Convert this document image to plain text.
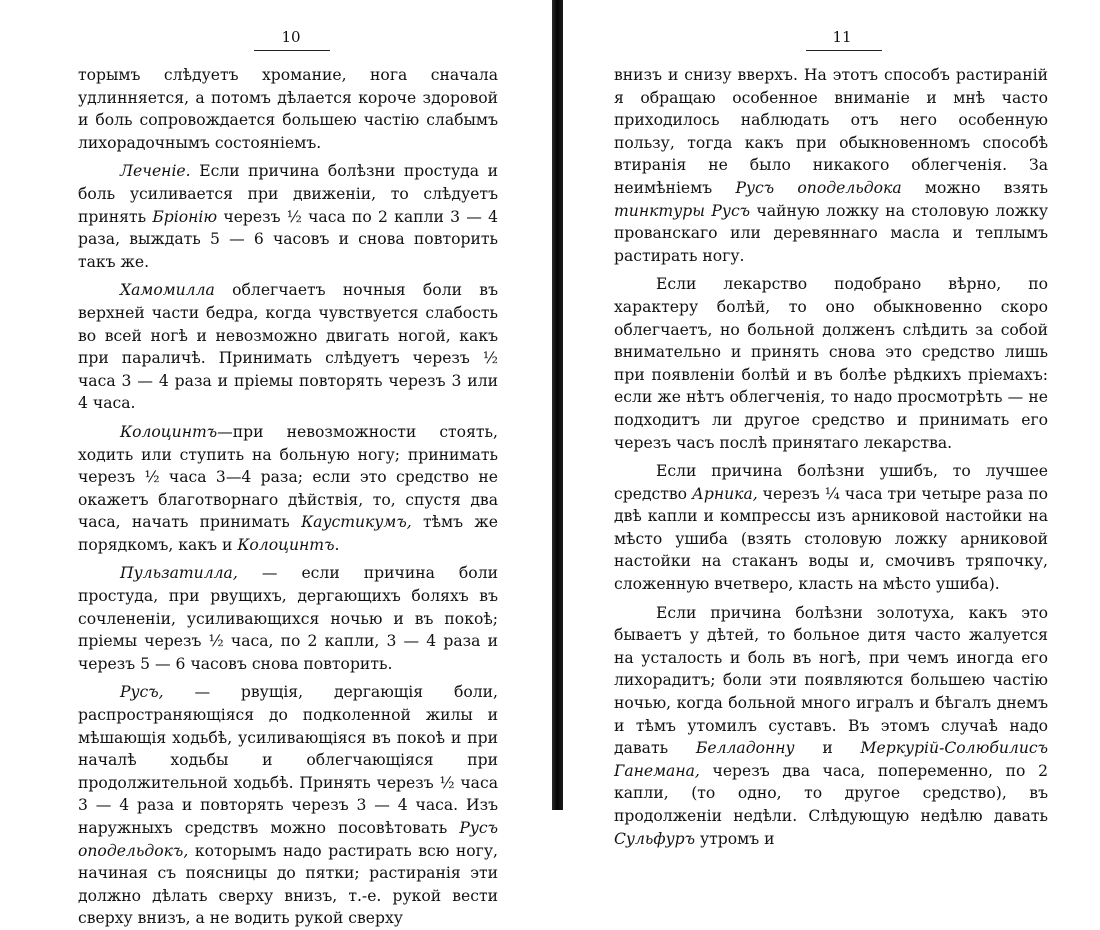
10

торымъ слѣдуетъ хромание, нога сначала удлинняется, а потомъ дѣлается короче здоровой и боль сопровождается большею частію слабымъ лихорадочнымъ состояніемъ.

Леченіе. Если причина болѣзни простуда и боль усиливается при движеніи, то слѣдуетъ принять Бріонію черезъ ½ часа по 2 капли 3 — 4 раза, выждать 5 — 6 часовъ и снова повторить такъ же.

Хамомилла облегчаетъ ночныя боли въ верхней части бедра, когда чувствуется слабость во всей ногѣ и невозможно двигать ногой, какъ при параличѣ. Принимать слѣдуетъ черезъ ½ часа 3 — 4 раза и пріемы повторять черезъ 3 или 4 часа.

Колоцинтъ—при невозможности стоять, ходить или ступить на больную ногу; принимать черезъ ½ часа 3—4 раза; если это средство не окажетъ благотворнаго дѣйствія, то, спустя два часа, начать принимать Каустикумъ, тѣмъ же порядкомъ, какъ и Колоцинтъ.

Пульзатилла, — если причина боли простуда, при рвущихъ, дергающихъ боляхъ въ сочлененіи, усиливающихся ночью и въ покоѣ; пріемы черезъ ½ часа, по 2 капли, 3 — 4 раза и черезъ 5 — 6 часовъ снова повторить.

Русъ, — рвущія, дергающія боли, распространяющіяся до подколенной жилы и мѣшающія ходьбѣ, усиливающіяся въ покоѣ и при началѣ ходьбы и облегчающіяся при продолжительной ходьбѣ. Принять черезъ ½ часа 3 — 4 раза и повторять черезъ 3 — 4 часа. Изъ наружныхъ средствъ можно посовѣтовать Русъ оподельдокъ, которымъ надо растирать всю ногу, начиная съ поясницы до пятки; растиранія эти должно дѣлать сверху внизъ, т.-е. рукой вести сверху внизъ, а не водить рукой сверху

11

внизъ и снизу вверхъ. На этотъ способъ растираній я обращаю особенное вниманіе и мнѣ часто приходилось наблюдать отъ него особенную пользу, тогда какъ при обыкновенномъ способѣ втиранія не было никакого облегченія. За неимѣніемъ Русъ оподельдока можно взять тинктуры Русъ чайную ложку на столовую ложку прованскаго или деревяннаго масла и теплымъ растирать ногу.

Если лекарство подобрано вѣрно, по характеру болѣй, то оно обыкновенно скоро облегчаетъ, но больной долженъ слѣдить за собой внимательно и принять снова это средство лишь при появленіи болѣй и въ болѣе рѣдкихъ пріемахъ: если же нѣтъ облегченія, то надо просмотрѣть — не подходитъ ли другое средство и принимать его черезъ часъ послѣ принятаго лекарства.

Если причина болѣзни ушибъ, то лучшее средство Арника, черезъ ¼ часа три четыре раза по двѣ капли и компрессы изъ арниковой настойки на мѣсто ушиба (взять столовую ложку арниковой настойки на стаканъ воды и, смочивъ тряпочку, сложенную вчетверо, класть на мѣсто ушиба).

Если причина болѣзни золотуха, какъ это бываетъ у дѣтей, то больное дитя часто жалуется на усталость и боль въ ногѣ, при чемъ иногда его лихорадитъ; боли эти появляются большею частію ночью, когда больной много игралъ и бѣгалъ днемъ и тѣмъ утомилъ суставъ. Въ этомъ случаѣ надо давать Белладонну и Меркурій-Солюбилисъ Ганемана, черезъ два часа, попеременно, по 2 капли, (то одно, то другое средство), въ продолженіи недѣли. Слѣдующую недѣлю давать Сульфуръ утромъ и
